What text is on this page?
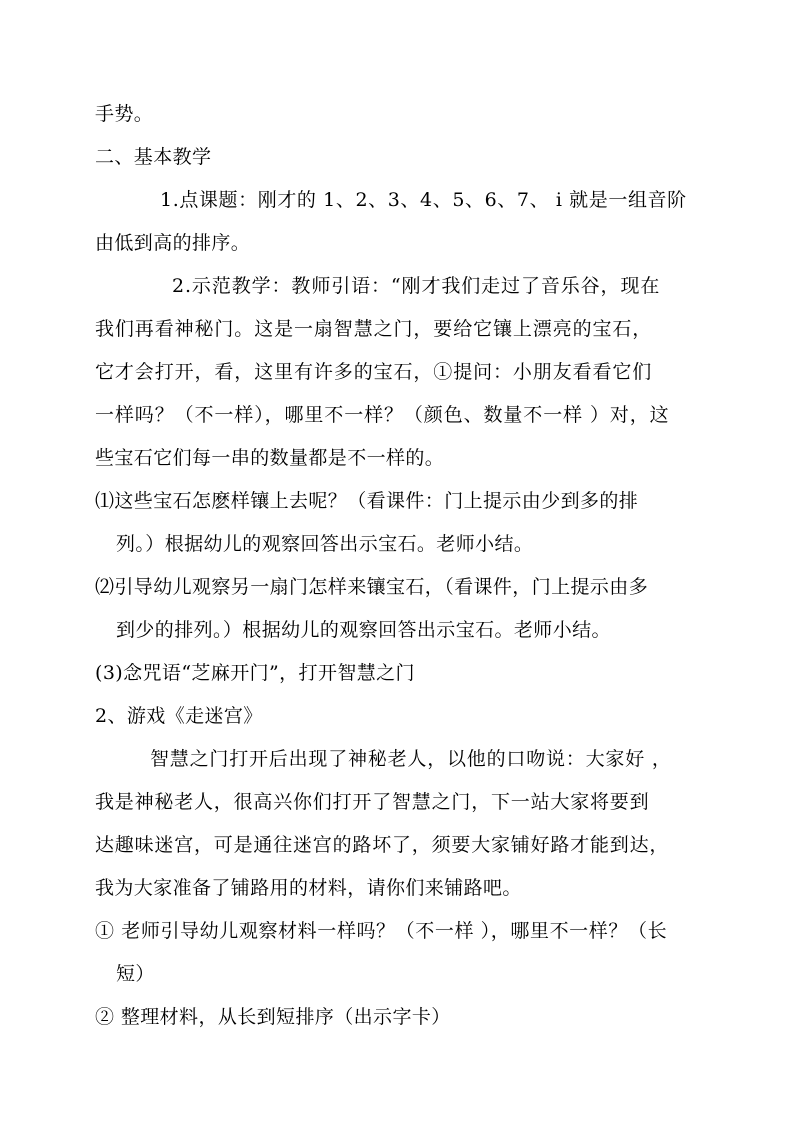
手势。
二、基本教学
1.点课题：刚才的 1、2、3、4、5、6、7、 i 就是一组音阶
由低到高的排序。
2.示范教学：教师引语：“刚才我们走过了音乐谷，现在
我们再看神秘门。这是一扇智慧之门，要给它镶上漂亮的宝石，
它才会打开，看，这里有许多的宝石，①提问：小朋友看看它们
一样吗？（不一样），哪里不一样？（颜色、数量不一样 ）对，这
些宝石它们每一串的数量都是不一样的。
⑴这些宝石怎麽样镶上去呢？（看课件：门上提示由少到多的排
列。）根据幼儿的观察回答出示宝石。老师小结。
⑵引导幼儿观察另一扇门怎样来镶宝石，（看课件，门上提示由多
到少的排列。）根据幼儿的观察回答出示宝石。老师小结。
(3)念咒语“芝麻开门”，打开智慧之门
2、游戏《走迷宫》
智慧之门打开后出现了神秘老人，以他的口吻说：大家好 ，
我是神秘老人，很高兴你们打开了智慧之门，下一站大家将要到
达趣味迷宫，可是通往迷宫的路坏了，须要大家铺好路才能到达，
我为大家准备了铺路用的材料，请你们来铺路吧。
① 老师引导幼儿观察材料一样吗？（不一样 ），哪里不一样？（长
短）
② 整理材料，从长到短排序（出示字卡）
